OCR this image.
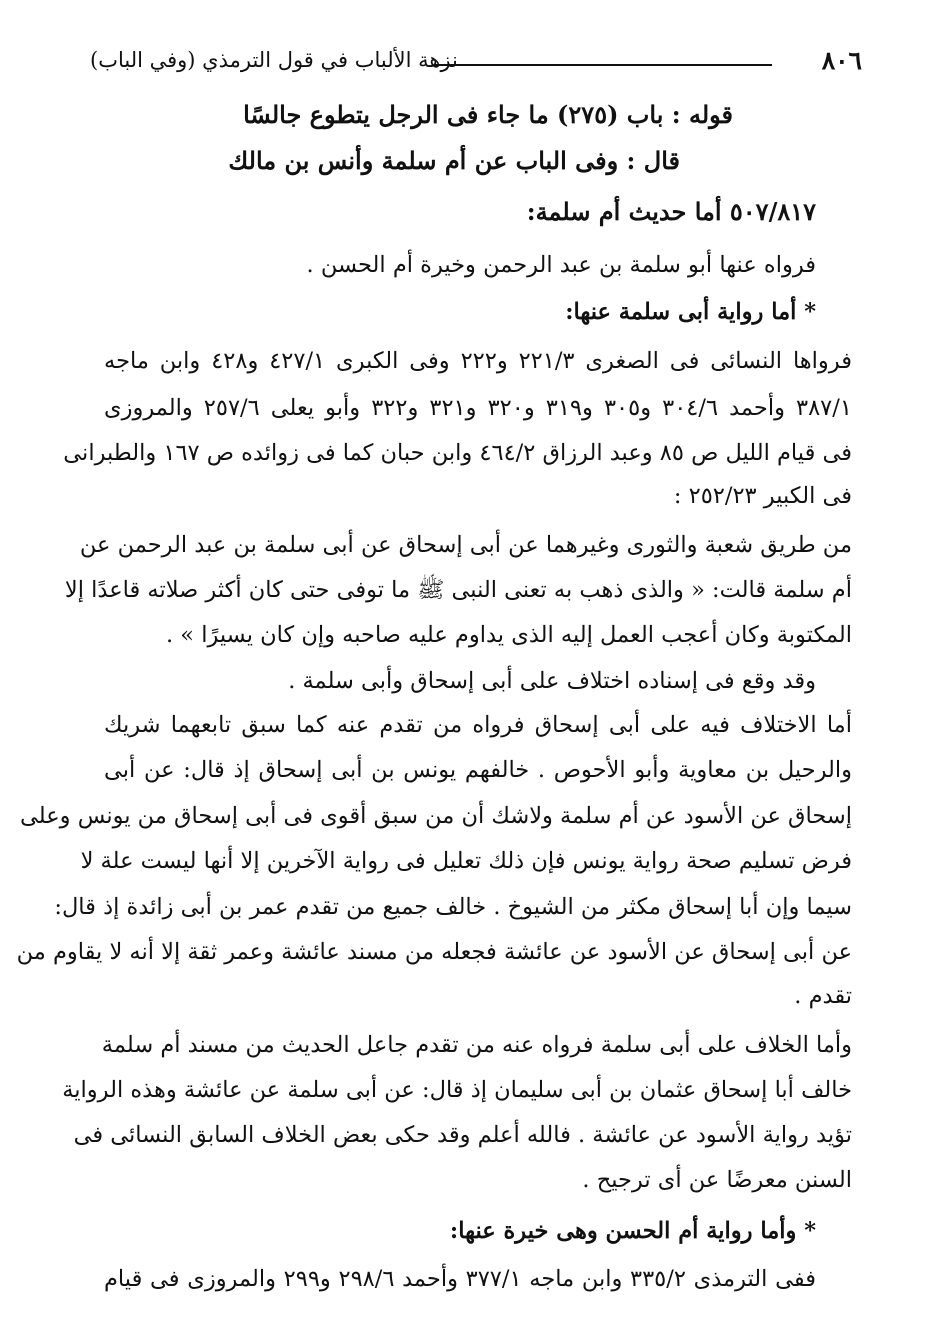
٨٠٦
نزهة الألباب في قول الترمذي (وفي الباب)
قوله : باب (٢٧٥) ما جاء فى الرجل يتطوع جالسًا
قال : وفى الباب عن أم سلمة وأنس بن مالك
٥٠٧/٨١٧ أما حديث أم سلمة:
فرواه عنها أبو سلمة بن عبد الرحمن وخيرة أم الحسن .
* أما رواية أبى سلمة عنها:
فرواها النسائى فى الصغرى ٢٢١/٣ و٢٢٢ وفى الكبرى ٤٢٧/١ و٤٢٨ وابن ماجه
٣٨٧/١ وأحمد ٣٠٤/٦ و٣٠٥ و٣١٩ و٣٢٠ و٣٢١ و٣٢٢ وأبو يعلى ٢٥٧/٦ والمروزى
فى قيام الليل ص ٨٥ وعبد الرزاق ٤٦٤/٢ وابن حبان كما فى زوائده ص ١٦٧ والطبرانى
فى الكبير ٢٥٢/٢٣ :
من طريق شعبة والثورى وغيرهما عن أبى إسحاق عن أبى سلمة بن عبد الرحمن عن
أم سلمة قالت: « والذى ذهب به تعنى النبى ﷺ ما توفى حتى كان أكثر صلاته قاعدًا إلا
المكتوبة وكان أعجب العمل إليه الذى يداوم عليه صاحبه وإن كان يسيرًا » .
وقد وقع فى إسناده اختلاف على أبى إسحاق وأبى سلمة .
أما الاختلاف فيه على أبى إسحاق فرواه من تقدم عنه كما سبق تابعهما شريك
والرحيل بن معاوية وأبو الأحوص . خالفهم يونس بن أبى إسحاق إذ قال: عن أبى
إسحاق عن الأسود عن أم سلمة ولاشك أن من سبق أقوى فى أبى إسحاق من يونس وعلى
فرض تسليم صحة رواية يونس فإن ذلك تعليل فى رواية الآخرين إلا أنها ليست علة لا
سيما وإن أبا إسحاق مكثر من الشيوخ . خالف جميع من تقدم عمر بن أبى زائدة إذ قال:
عن أبى إسحاق عن الأسود عن عائشة فجعله من مسند عائشة وعمر ثقة إلا أنه لا يقاوم من
تقدم .
وأما الخلاف على أبى سلمة فرواه عنه من تقدم جاعل الحديث من مسند أم سلمة
خالف أبا إسحاق عثمان بن أبى سليمان إذ قال: عن أبى سلمة عن عائشة وهذه الرواية
تؤيد رواية الأسود عن عائشة . فالله أعلم وقد حكى بعض الخلاف السابق النسائى فى
السنن معرضًا عن أى ترجيح .
* وأما رواية أم الحسن وهى خيرة عنها:
ففى الترمذى ٣٣٥/٢ وابن ماجه ٣٧٧/١ وأحمد ٢٩٨/٦ و٢٩٩ والمروزى فى قيام
